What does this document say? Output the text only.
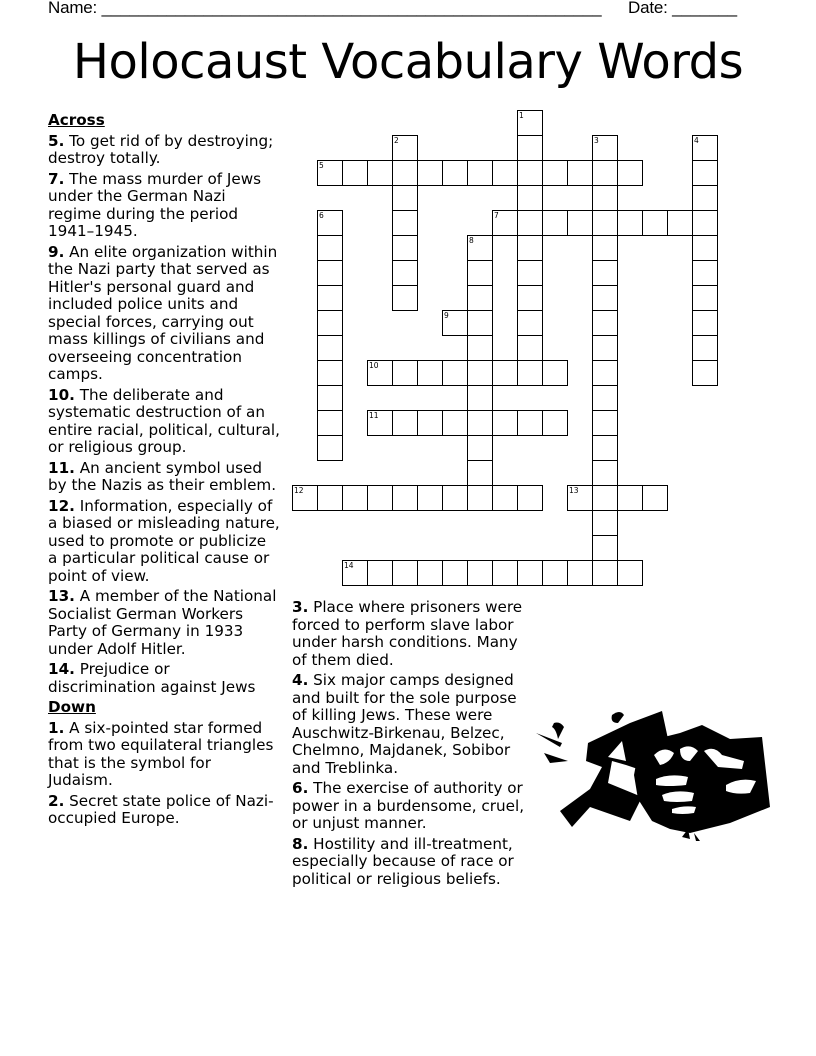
Name: ______________________________________________________ Date: _______
Holocaust Vocabulary Words
Across
5. To get rid of by destroying; destroy totally.
7. The mass murder of Jews under the German Nazi regime during the period 1941–1945.
9. An elite organization within the Nazi party that served as Hitler's personal guard and included police units and special forces, carrying out mass killings of civilians and overseeing concentration camps.
10. The deliberate and systematic destruction of an entire racial, political, cultural, or religious group.
11. An ancient symbol used by the Nazis as their emblem.
12. Information, especially of a biased or misleading nature, used to promote or publicize a particular political cause or point of view.
13. A member of the National Socialist German Workers Party of Germany in 1933 under Adolf Hitler.
14. Prejudice or discrimination against Jews
Down
1. A six-pointed star formed from two equilateral triangles that is the symbol for Judaism.
2. Secret state police of Nazi-occupied Europe.
3. Place where prisoners were forced to perform slave labor under harsh conditions. Many of them died.
4. Six major camps designed and built for the sole purpose of killing Jews. These were Auschwitz-Birkenau, Belzec, Chelmno, Majdanek, Sobibor and Treblinka.
6. The exercise of authority or power in a burdensome, cruel, or unjust manner.
8. Hostility and ill-treatment, especially because of race or political or religious beliefs.
1
2	3	4
5
6	7
8
9
10
11
12	13
14
